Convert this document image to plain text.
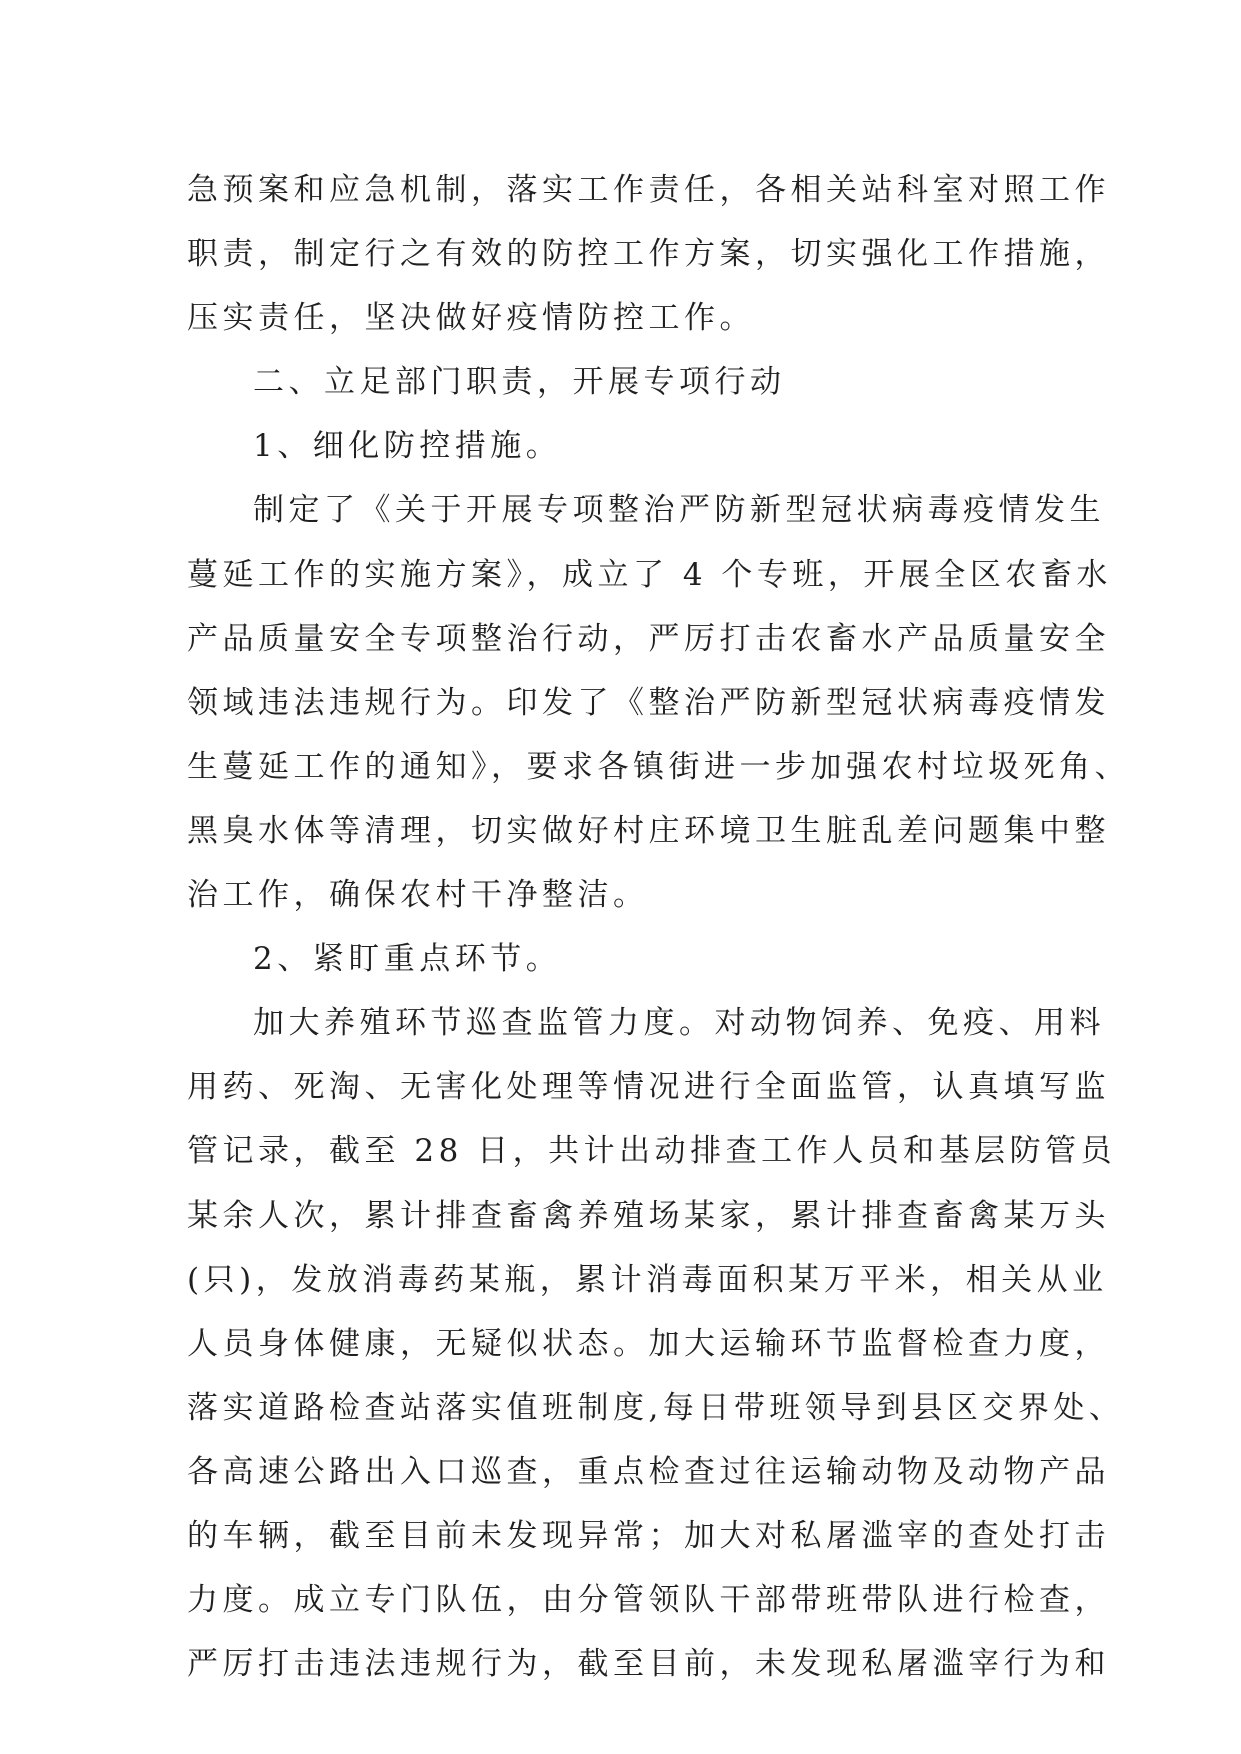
急预案和应急机制，落实工作责任，各相关站科室对照工作
职责，制定行之有效的防控工作方案，切实强化工作措施，
压实责任，坚决做好疫情防控工作。
二、立足部门职责，开展专项行动
1、细化防控措施。
制定了《关于开展专项整治严防新型冠状病毒疫情发生
蔓延工作的实施方案》，成立了 4 个专班，开展全区农畜水
产品质量安全专项整治行动，严厉打击农畜水产品质量安全
领域违法违规行为。印发了《整治严防新型冠状病毒疫情发
生蔓延工作的通知》，要求各镇街进一步加强农村垃圾死角、
黑臭水体等清理，切实做好村庄环境卫生脏乱差问题集中整
治工作，确保农村干净整洁。
2、紧盯重点环节。
加大养殖环节巡查监管力度。对动物饲养、免疫、用料
用药、死淘、无害化处理等情况进行全面监管，认真填写监
管记录，截至 28 日，共计出动排查工作人员和基层防管员
某余人次，累计排查畜禽养殖场某家，累计排查畜禽某万头
(只)，发放消毒药某瓶，累计消毒面积某万平米，相关从业
人员身体健康，无疑似状态。加大运输环节监督检查力度，
落实道路检查站落实值班制度,每日带班领导到县区交界处、
各高速公路出入口巡查，重点检查过往运输动物及动物产品
的车辆，截至目前未发现异常；加大对私屠滥宰的查处打击
力度。成立专门队伍，由分管领队干部带班带队进行检查，
严厉打击违法违规行为，截至目前，未发现私屠滥宰行为和
